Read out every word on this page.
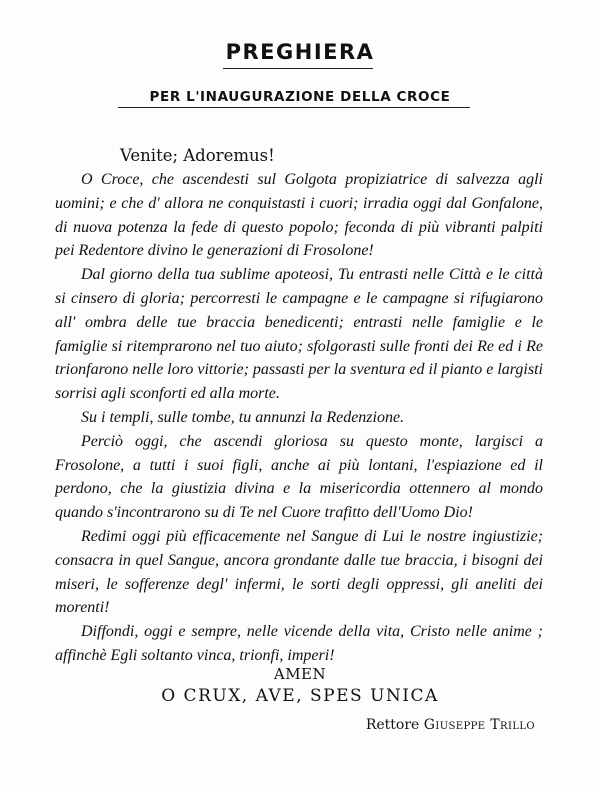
PREGHIERA
PER L'INAUGURAZIONE DELLA CROCE

Venite; Adoremus!

O Croce, che ascendesti sul Golgota propiziatrice di salvezza agli uomini; e che d' allora ne conquistasti i cuori; irradia oggi dal Gonfalone, di nuova potenza la fede di questo popolo; feconda di più vibranti palpiti pei Redentore divino le generazioni di Frosolone!

Dal giorno della tua sublime apoteosi, Tu entrasti nelle Città e le città si cinsero di gloria; percorresti le campagne e le campagne si rifugiarono all' ombra delle tue braccia benedicenti; entrasti nelle famiglie e le famiglie si ritemprarono nel tuo aiuto; sfolgorasti sulle fronti dei Re ed i Re trionfarono nelle loro vittorie; passasti per la sventura ed il pianto e largisti sorrisi agli sconforti ed alla morte.

Su i templi, sulle tombe, tu annunzi la Redenzione.

Perciò oggi, che ascendi gloriosa su questo monte, largisci a Frosolone, a tutti i suoi figli, anche ai più lontani, l'espiazione ed il perdono, che la giustizia divina e la misericordia ottennero al mondo quando s'incontrarono su di Te nel Cuore trafitto dell'Uomo Dio!

Redimi oggi più efficacemente nel Sangue di Lui le nostre ingiustizie; consacra in quel Sangue, ancora grondante dalle tue braccia, i bisogni dei miseri, le sofferenze degl' infermi, le sorti degli oppressi, gli aneliti dei morenti!

Diffondi, oggi e sempre, nelle vicende della vita, Cristo nelle anime ; affinchè Egli soltanto vinca, trionfi, imperi!

AMEN

O CRUX, AVE, SPES UNICA

Rettore Giuseppe Trillo
